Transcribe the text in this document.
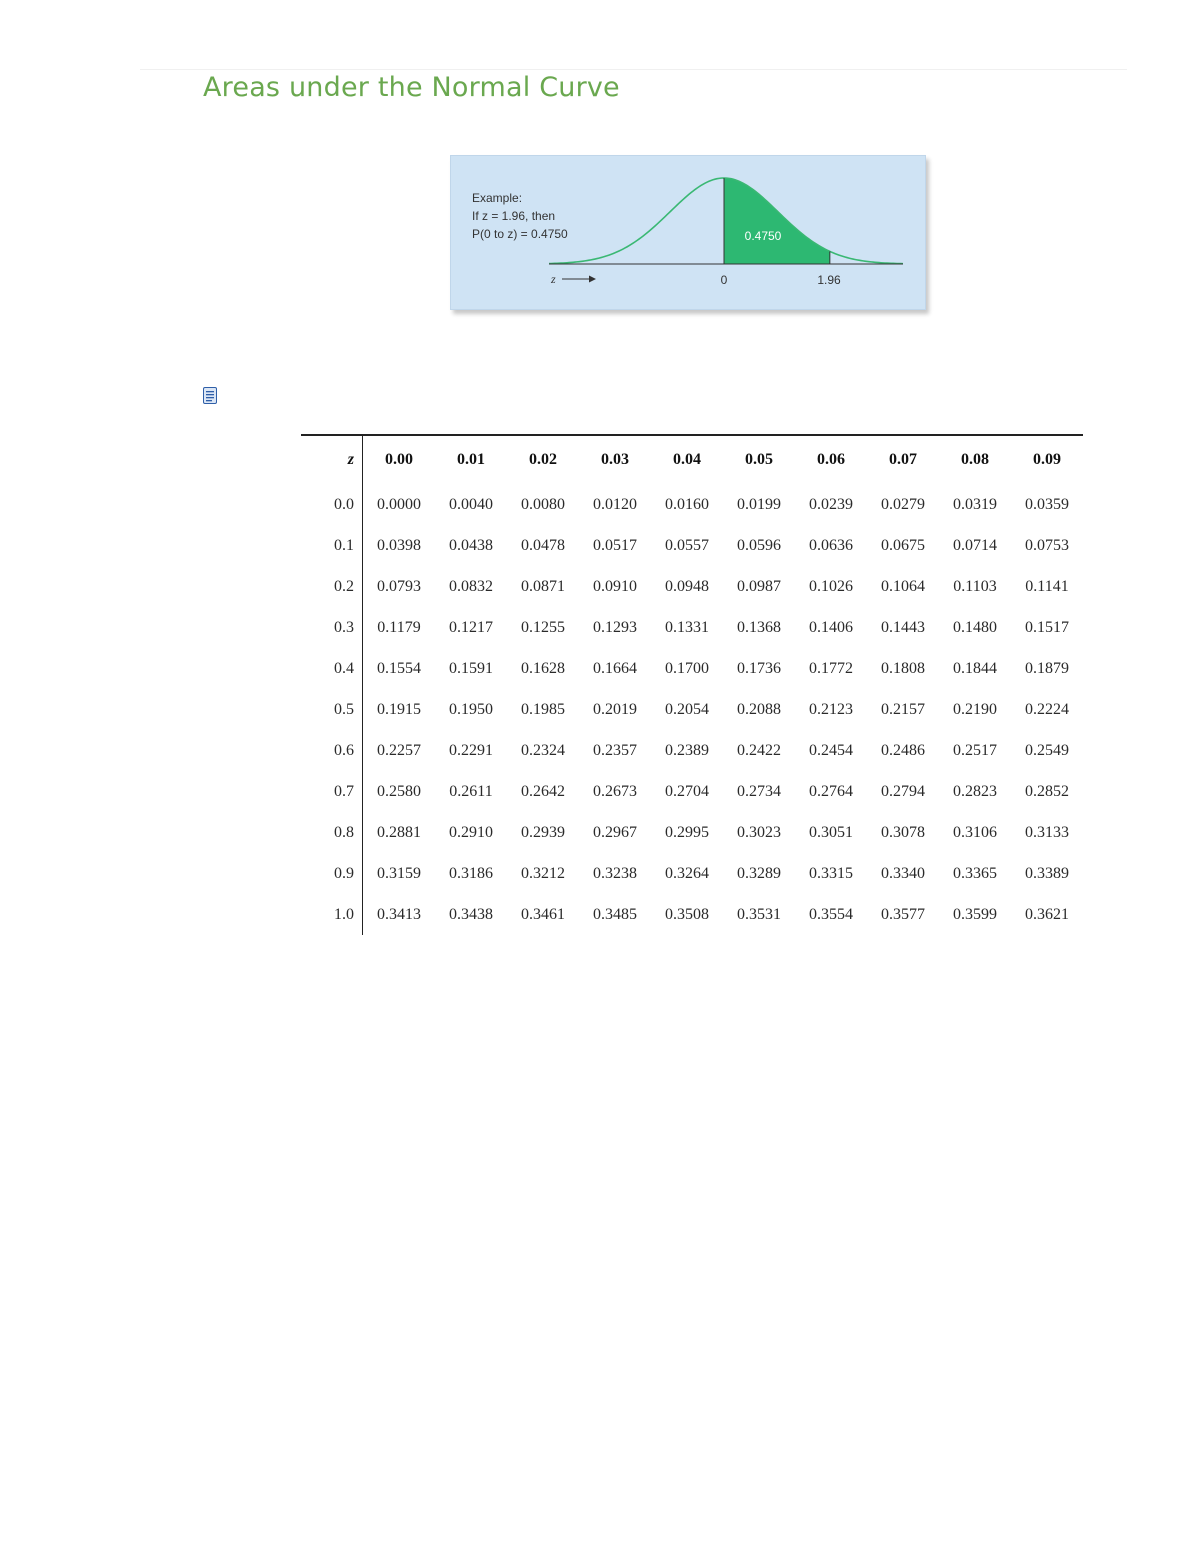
Areas under the Normal Curve
z	0	1.96
0.4750
Example:
If z = 1.96, then
P(0 to z) = 0.4750
z	0.00	0.01	0.02	0.03	0.04	0.05	0.06	0.07	0.08	0.09
0.0	0.0000	0.0040	0.0080	0.0120	0.0160	0.0199	0.0239	0.0279	0.0319	0.0359
0.1	0.0398	0.0438	0.0478	0.0517	0.0557	0.0596	0.0636	0.0675	0.0714	0.0753
0.2	0.0793	0.0832	0.0871	0.0910	0.0948	0.0987	0.1026	0.1064	0.1103	0.1141
0.3	0.1179	0.1217	0.1255	0.1293	0.1331	0.1368	0.1406	0.1443	0.1480	0.1517
0.4	0.1554	0.1591	0.1628	0.1664	0.1700	0.1736	0.1772	0.1808	0.1844	0.1879
0.5	0.1915	0.1950	0.1985	0.2019	0.2054	0.2088	0.2123	0.2157	0.2190	0.2224
0.6	0.2257	0.2291	0.2324	0.2357	0.2389	0.2422	0.2454	0.2486	0.2517	0.2549
0.7	0.2580	0.2611	0.2642	0.2673	0.2704	0.2734	0.2764	0.2794	0.2823	0.2852
0.8	0.2881	0.2910	0.2939	0.2967	0.2995	0.3023	0.3051	0.3078	0.3106	0.3133
0.9	0.3159	0.3186	0.3212	0.3238	0.3264	0.3289	0.3315	0.3340	0.3365	0.3389
1.0	0.3413	0.3438	0.3461	0.3485	0.3508	0.3531	0.3554	0.3577	0.3599	0.3621
